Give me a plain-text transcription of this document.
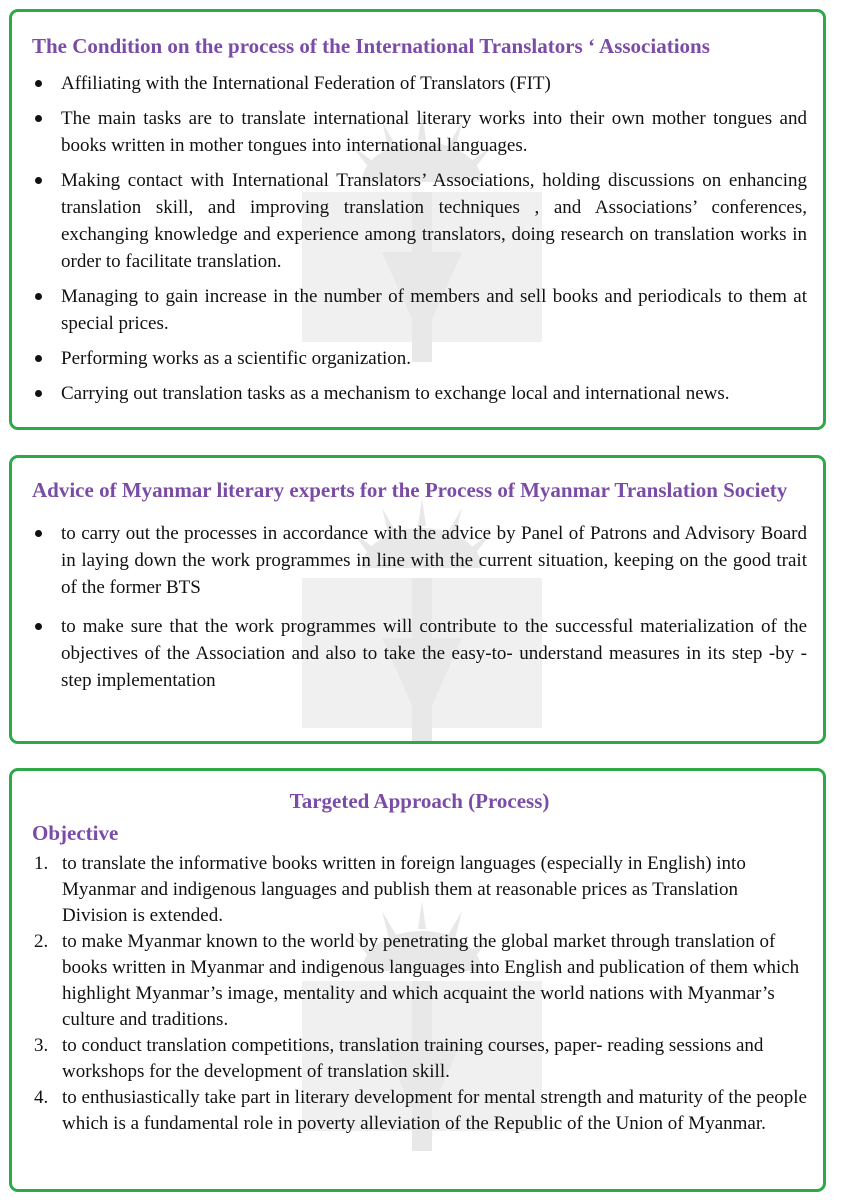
The Condition on the process of the International Translators ‘ Associations
Affiliating with the International Federation of Translators (FIT)
The main tasks are to translate international literary works into their own mother tongues and books written in mother tongues into international languages.
Making contact with International Translators’ Associations, holding discussions on enhancing translation skill, and improving translation techniques , and Associations’ conferences, exchanging knowledge and experience among translators, doing research on translation works in order to facilitate translation.
Managing to gain increase in the number of members and sell books and periodicals to them at special prices.
Performing works as a scientific organization.
Carrying out translation tasks as a mechanism to exchange local and international news.
Advice of Myanmar literary experts for the Process of Myanmar Translation Society
to carry out the processes in accordance with the advice by Panel of Patrons and Advisory Board in laying down the work programmes in line with the current situation, keeping on the good trait of the former BTS
to make sure that the work programmes will contribute to the successful materialization of the objectives of the Association and also to take the easy-to- understand measures in its step -by -step implementation
Targeted Approach (Process)
Objective
1. to translate the informative books written in foreign languages (especially in English) into Myanmar and indigenous languages and publish them at reasonable prices as Translation Division is extended.
2. to make Myanmar known to the world by penetrating the global market through translation of books written in Myanmar and indigenous languages into English and publication of them which highlight Myanmar’s image, mentality and which acquaint the world nations with Myanmar’s culture and traditions.
3. to conduct translation competitions, translation training courses, paper- reading sessions and workshops for the development of translation skill.
4. to enthusiastically take part in literary development for mental strength and maturity of the people which is a fundamental role in poverty alleviation of the Republic of the Union of Myanmar.
